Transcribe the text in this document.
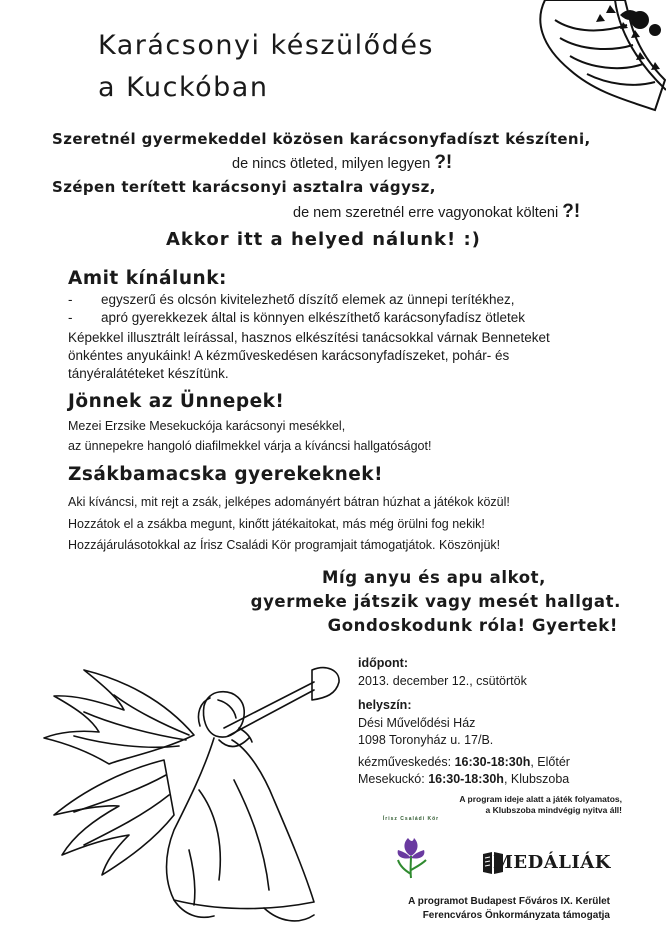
Karácsonyi készülődés
a Kuckóban
Szeretnél gyermekeddel közösen karácsonyfadíszt készíteni,
de nincs ötleted, milyen legyen ?!
Szépen terített karácsonyi asztalra vágysz,
de nem szeretnél erre vagyonokat költeni ?!
Akkor itt a helyed nálunk! :)
Amit kínálunk:
- egyszerű és olcsón kivitelezhető díszítő elemek az ünnepi terítékhez,
- apró gyerekkezek által is könnyen elkészíthető karácsonyfadísz ötletek
Képekkel illusztrált leírással, hasznos elkészítési tanácsokkal várnak Benneteket
önkéntes anyukáink! A kézműveskedésen karácsonyfadíszeket, pohár- és
tányéralátéteket készítünk.
Jönnek az Ünnepek!
Mezei Erzsike Mesekuckója karácsonyi mesékkel,
az ünnepekre hangoló diafilmekkel várja a kíváncsi hallgatóságot!
Zsákbamacska gyerekeknek!
Aki kíváncsi, mit rejt a zsák, jelképes adományért bátran húzhat a játékok közül!
Hozzátok el a zsákba megunt, kinőtt játékaitokat, más még örülni fog nekik!
Hozzájárulásotokkal az Írisz Családi Kör programjait támogatjátok. Köszönjük!
Míg anyu és apu alkot,
gyermeke játszik vagy mesét hallgat.
Gondoskodunk róla! Gyertek!
időpont:
2013. december 12., csütörtök
helyszín:
Dési Művelődési Ház
1098 Toronyház u. 17/B.
kézműveskedés: 16:30-18:30h, Előtér
Mesekuckó: 16:30-18:30h, Klubszoba
A program ideje alatt a játék folyamatos,
a Klubszoba mindvégig nyitva áll!
Írisz Családi Kör
MEDÁLIÁK
A programot Budapest Főváros IX. Kerület
Ferencváros Önkormányzata támogatja
